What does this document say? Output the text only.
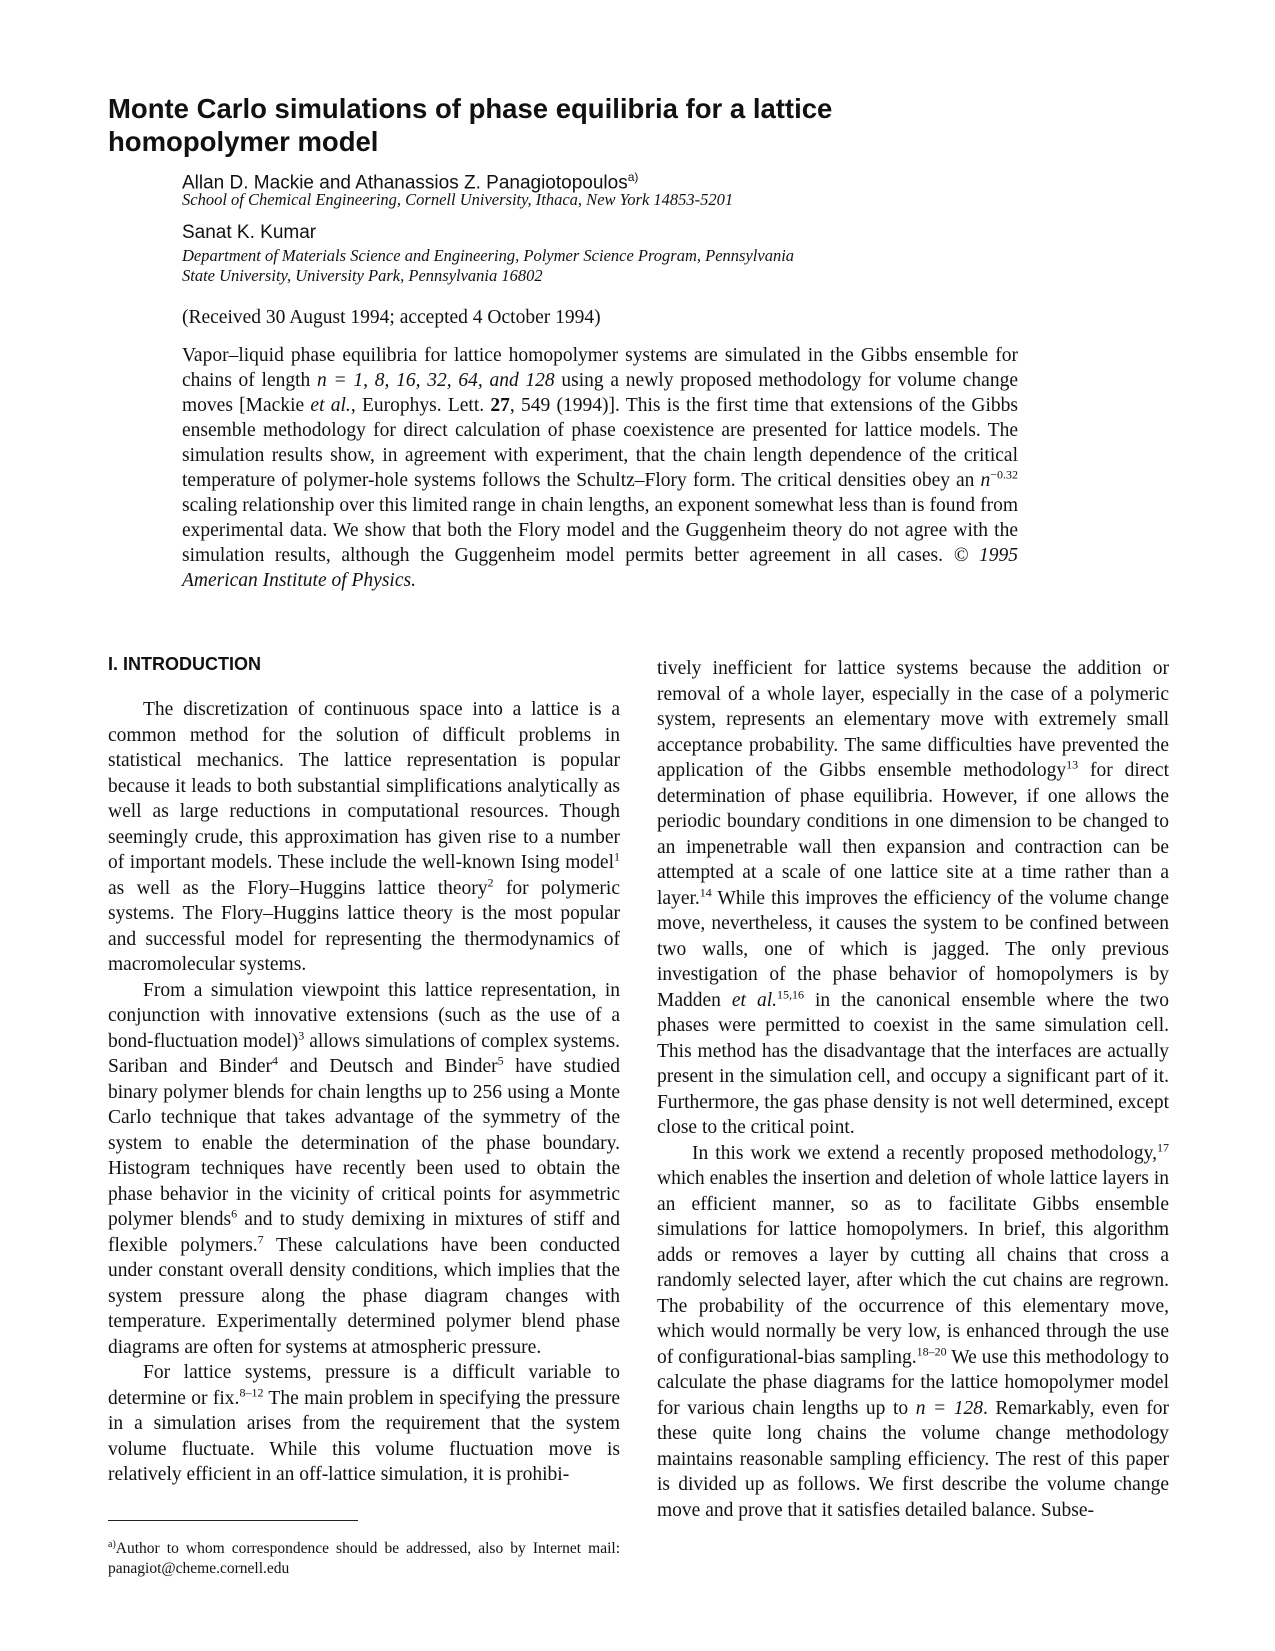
Monte Carlo simulations of phase equilibria for a lattice homopolymer model
Allan D. Mackie and Athanassios Z. Panagiotopoulos$^{a)}$
School of Chemical Engineering, Cornell University, Ithaca, New York 14853-5201
Sanat K. Kumar
Department of Materials Science and Engineering, Polymer Science Program, Pennsylvania State University, University Park, Pennsylvania 16802
(Received 30 August 1994; accepted 4 October 1994)
Vapor–liquid phase equilibria for lattice homopolymer systems are simulated in the Gibbs ensemble for chains of length n = 1, 8, 16, 32, 64, and 128 using a newly proposed methodology for volume change moves [Mackie et al., Europhys. Lett. 27, 549 (1994)]. This is the first time that extensions of the Gibbs ensemble methodology for direct calculation of phase coexistence are presented for lattice models. The simulation results show, in agreement with experiment, that the chain length dependence of the critical temperature of polymer-hole systems follows the Schultz–Flory form. The critical densities obey an $n^{-0.32}$ scaling relationship over this limited range in chain lengths, an exponent somewhat less than is found from experimental data. We show that both the Flory model and the Guggenheim theory do not agree with the simulation results, although the Guggenheim model permits better agreement in all cases. © 1995 American Institute of Physics.
I. INTRODUCTION

The discretization of continuous space into a lattice is a common method for the solution of difficult problems in statistical mechanics. The lattice representation is popular because it leads to both substantial simplifications analytically as well as large reductions in computational resources. Though seemingly crude, this approximation has given rise to a number of important models. These include the well-known Ising model$^1$ as well as the Flory–Huggins lattice theory$^2$ for polymeric systems. The Flory–Huggins lattice theory is the most popular and successful model for representing the thermodynamics of macromolecular systems.

From a simulation viewpoint this lattice representation, in conjunction with innovative extensions (such as the use of a bond-fluctuation model)$^3$ allows simulations of complex systems. Sariban and Binder$^4$ and Deutsch and Binder$^5$ have studied binary polymer blends for chain lengths up to 256 using a Monte Carlo technique that takes advantage of the symmetry of the system to enable the determination of the phase boundary. Histogram techniques have recently been used to obtain the phase behavior in the vicinity of critical points for asymmetric polymer blends$^6$ and to study demixing in mixtures of stiff and flexible polymers.$^7$ These calculations have been conducted under constant overall density conditions, which implies that the system pressure along the phase diagram changes with temperature. Experimentally determined polymer blend phase diagrams are often for systems at atmospheric pressure.

For lattice systems, pressure is a difficult variable to determine or fix.$^{8-12}$ The main problem in specifying the pressure in a simulation arises from the requirement that the system volume fluctuate. While this volume fluctuation move is relatively efficient in an off-lattice simulation, it is prohibi-

tively inefficient for lattice systems because the addition or removal of a whole layer, especially in the case of a polymeric system, represents an elementary move with extremely small acceptance probability. The same difficulties have prevented the application of the Gibbs ensemble methodology$^{13}$ for direct determination of phase equilibria. However, if one allows the periodic boundary conditions in one dimension to be changed to an impenetrable wall then expansion and contraction can be attempted at a scale of one lattice site at a time rather than a layer.$^{14}$ While this improves the efficiency of the volume change move, nevertheless, it causes the system to be confined between two walls, one of which is jagged. The only previous investigation of the phase behavior of homopolymers is by Madden et al.$^{15,16}$ in the canonical ensemble where the two phases were permitted to coexist in the same simulation cell. This method has the disadvantage that the interfaces are actually present in the simulation cell, and occupy a significant part of it. Furthermore, the gas phase density is not well determined, except close to the critical point.

In this work we extend a recently proposed methodology,$^{17}$ which enables the insertion and deletion of whole lattice layers in an efficient manner, so as to facilitate Gibbs ensemble simulations for lattice homopolymers. In brief, this algorithm adds or removes a layer by cutting all chains that cross a randomly selected layer, after which the cut chains are regrown. The probability of the occurrence of this elementary move, which would normally be very low, is enhanced through the use of configurational-bias sampling.$^{18-20}$ We use this methodology to calculate the phase diagrams for the lattice homopolymer model for various chain lengths up to n = 128. Remarkably, even for these quite long chains the volume change methodology maintains reasonable sampling efficiency. The rest of this paper is divided up as follows. We first describe the volume change move and prove that it satisfies detailed balance. Subse-

$^{a)}$Author to whom correspondence should be addressed, also by Internet mail: panagiot@cheme.cornell.edu
